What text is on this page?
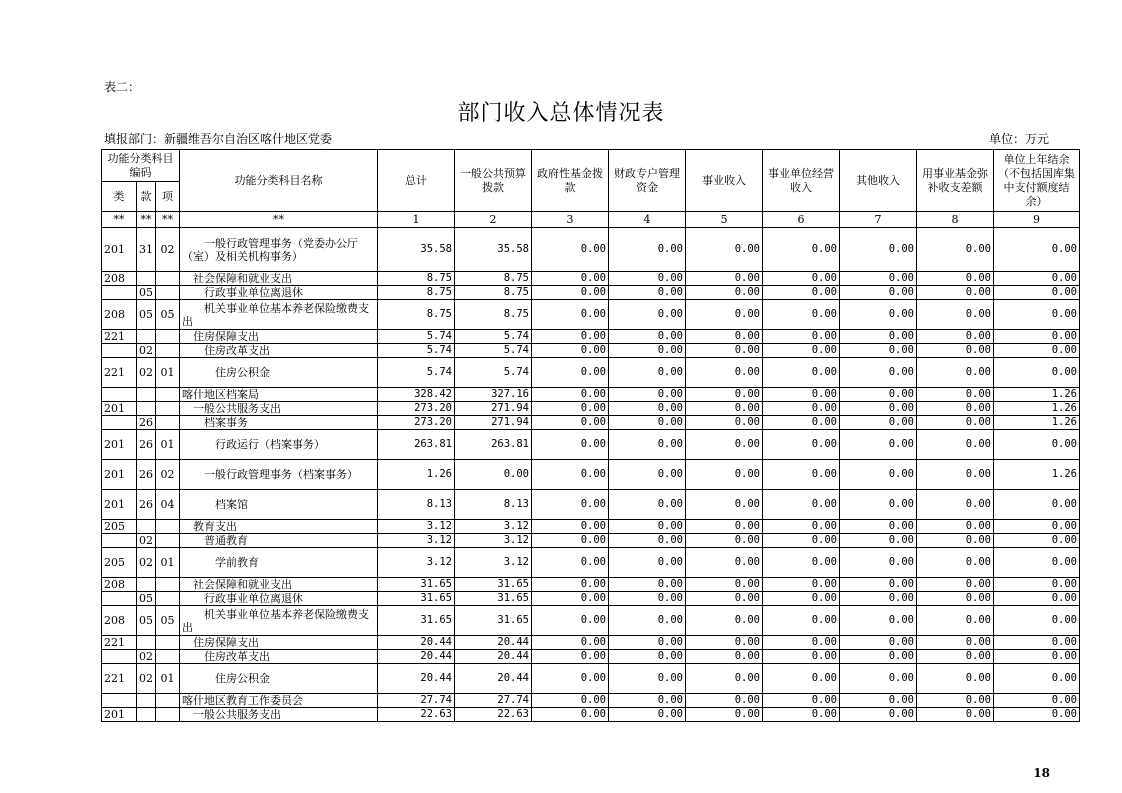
表二：
部门收入总体情况表
填报部门：新疆维吾尔自治区喀什地区党委	单位：万元
功能分类科目编码			功能分类科目名称	总计	一般公共预算拨款	政府性基金拨款	财政专户管理资金	事业收入	事业单位经营收入	其他收入	用事业基金弥补收支差额	单位上年结余（不包括国库集中支付额度结余）
类	款	项										
**	**	**	**	1	2	3	4	5	6	7	8	9
201	31	02	　　一般行政管理事务（党委办公厅（室）及相关机构事务）	35.58	35.58	0.00	0.00	0.00	0.00	0.00	0.00	0.00
208			　社会保障和就业支出	8.75	8.75	0.00	0.00	0.00	0.00	0.00	0.00	0.00
	05		　　行政事业单位离退休	8.75	8.75	0.00	0.00	0.00	0.00	0.00	0.00	0.00
208	05	05	　　机关事业单位基本养老保险缴费支出	8.75	8.75	0.00	0.00	0.00	0.00	0.00	0.00	0.00
221			　住房保障支出	5.74	5.74	0.00	0.00	0.00	0.00	0.00	0.00	0.00
	02		　　住房改革支出	5.74	5.74	0.00	0.00	0.00	0.00	0.00	0.00	0.00
221	02	01	　　　住房公积金	5.74	5.74	0.00	0.00	0.00	0.00	0.00	0.00	0.00
			喀什地区档案局	328.42	327.16	0.00	0.00	0.00	0.00	0.00	0.00	1.26
201			　一般公共服务支出	273.20	271.94	0.00	0.00	0.00	0.00	0.00	0.00	1.26
	26		　　档案事务	273.20	271.94	0.00	0.00	0.00	0.00	0.00	0.00	1.26
201	26	01	　　　行政运行（档案事务）	263.81	263.81	0.00	0.00	0.00	0.00	0.00	0.00	0.00
201	26	02	　　一般行政管理事务（档案事务）	1.26	0.00	0.00	0.00	0.00	0.00	0.00	0.00	1.26
201	26	04	　　　档案馆	8.13	8.13	0.00	0.00	0.00	0.00	0.00	0.00	0.00
205			　教育支出	3.12	3.12	0.00	0.00	0.00	0.00	0.00	0.00	0.00
	02		　　普通教育	3.12	3.12	0.00	0.00	0.00	0.00	0.00	0.00	0.00
205	02	01	　　　学前教育	3.12	3.12	0.00	0.00	0.00	0.00	0.00	0.00	0.00
208			　社会保障和就业支出	31.65	31.65	0.00	0.00	0.00	0.00	0.00	0.00	0.00
	05		　　行政事业单位离退休	31.65	31.65	0.00	0.00	0.00	0.00	0.00	0.00	0.00
208	05	05	　　机关事业单位基本养老保险缴费支出	31.65	31.65	0.00	0.00	0.00	0.00	0.00	0.00	0.00
221			　住房保障支出	20.44	20.44	0.00	0.00	0.00	0.00	0.00	0.00	0.00
	02		　　住房改革支出	20.44	20.44	0.00	0.00	0.00	0.00	0.00	0.00	0.00
221	02	01	　　　住房公积金	20.44	20.44	0.00	0.00	0.00	0.00	0.00	0.00	0.00
			喀什地区教育工作委员会	27.74	27.74	0.00	0.00	0.00	0.00	0.00	0.00	0.00
201			　一般公共服务支出	22.63	22.63	0.00	0.00	0.00	0.00	0.00	0.00	0.00
18
